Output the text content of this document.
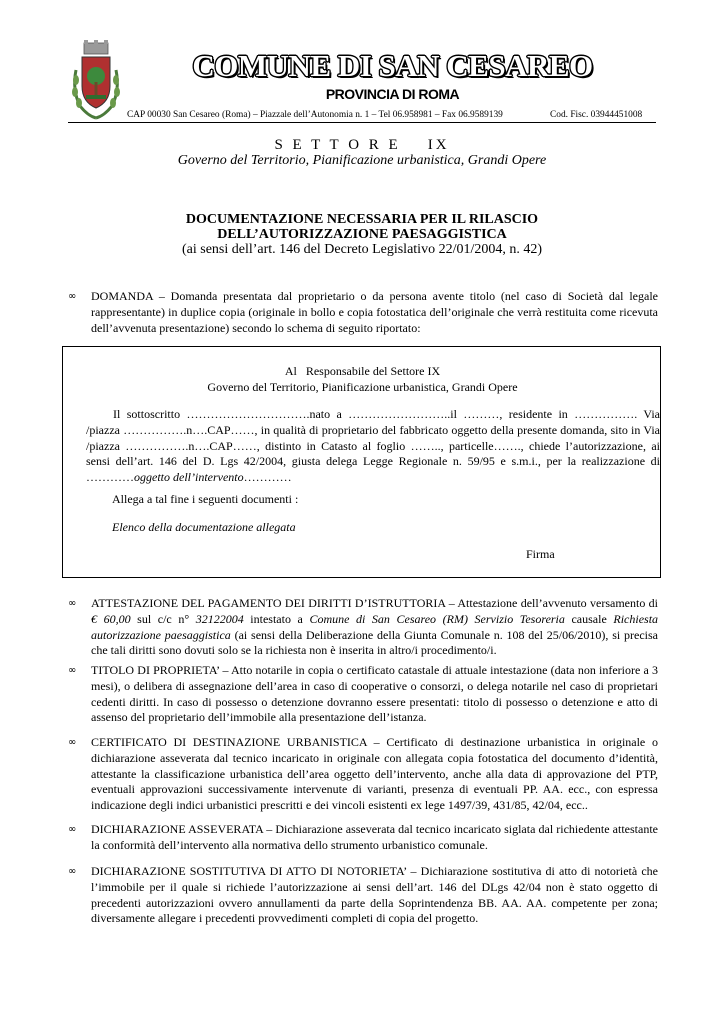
COMUNE DI SAN CESAREO
PROVINCIA DI ROMA
CAP 00030 San Cesareo (Roma) – Piazzale dell’Autonomia n. 1 – Tel 06.958981 – Fax 06.9589139	Cod. Fisc. 03944451008
S E T T O R E    IX
Governo del Territorio, Pianificazione urbanistica, Grandi Opere
DOCUMENTAZIONE NECESSARIA PER IL RILASCIO
DELL’AUTORIZZAZIONE PAESAGGISTICA
(ai sensi dell’art. 146 del Decreto Legislativo 22/01/2004, n. 42)
∞ DOMANDA – Domanda presentata dal proprietario o da persona avente titolo (nel caso di Società dal legale rappresentante) in duplice copia (originale in bollo e copia fotostatica dell’originale che verrà restituita come ricevuta dell’avvenuta presentazione) secondo lo schema di seguito riportato:
Al   Responsabile del Settore IX
Governo del Territorio, Pianificazione urbanistica, Grandi Opere
Il sottoscritto ………………………….nato a ……………………..il ………, residente in ……………. Via /piazza …………….n….CAP……, in qualità di proprietario del fabbricato oggetto della presente domanda, sito in Via /piazza …………….n….CAP……, distinto in Catasto al foglio …….., particelle……., chiede l’autorizzazione, ai sensi dell’art. 146 del D. Lgs 42/2004, giusta delega Legge Regionale n. 59/95 e s.m.i., per la realizzazione di …………oggetto dell’intervento…………
Allega a tal fine i seguenti documenti :
Elenco della documentazione allegata
Firma
∞ ATTESTAZIONE DEL PAGAMENTO DEI DIRITTI D’ISTRUTTORIA – Attestazione dell’avvenuto versamento di € 60,00 sul c/c n° 32122004 intestato a Comune di San Cesareo (RM) Servizio Tesoreria causale Richiesta autorizzazione paesaggistica (ai sensi della Deliberazione della Giunta Comunale n. 108 del 25/06/2010), si precisa che tali diritti sono dovuti solo se la richiesta non è inserita in altro/i procedimento/i.
∞ TITOLO DI PROPRIETA’ – Atto notarile in copia o certificato catastale di attuale intestazione (data non inferiore a 3 mesi), o delibera di assegnazione dell’area in caso di cooperative o consorzi, o delega notarile nel caso di proprietari cedenti diritti. In caso di possesso o detenzione dovranno essere presentati: titolo di possesso o detenzione e atto di assenso del proprietario dell’immobile alla presentazione dell’istanza.
∞ CERTIFICATO DI DESTINAZIONE URBANISTICA – Certificato di destinazione urbanistica in originale o dichiarazione asseverata dal tecnico incaricato in originale con allegata copia fotostatica del documento d’identità, attestante la classificazione urbanistica dell’area oggetto dell’intervento, anche alla data di approvazione del PTP, eventuali approvazioni successivamente intervenute di varianti, presenza di eventuali PP. AA. ecc., con espressa indicazione degli indici urbanistici prescritti e dei vincoli esistenti ex lege 1497/39, 431/85, 42/04, ecc..
∞ DICHIARAZIONE ASSEVERATA – Dichiarazione asseverata dal tecnico incaricato siglata dal richiedente attestante la conformità dell’intervento alla normativa dello strumento urbanistico comunale.
∞ DICHIARAZIONE SOSTITUTIVA DI ATTO DI NOTORIETA’ – Dichiarazione sostitutiva di atto di notorietà che l’immobile per il quale si richiede l’autorizzazione ai sensi dell’art. 146 del DLgs 42/04 non è stato oggetto di precedenti autorizzazioni ovvero annullamenti da parte della Soprintendenza BB. AA. AA. competente per zona; diversamente allegare i precedenti provvedimenti completi di copia del progetto.
